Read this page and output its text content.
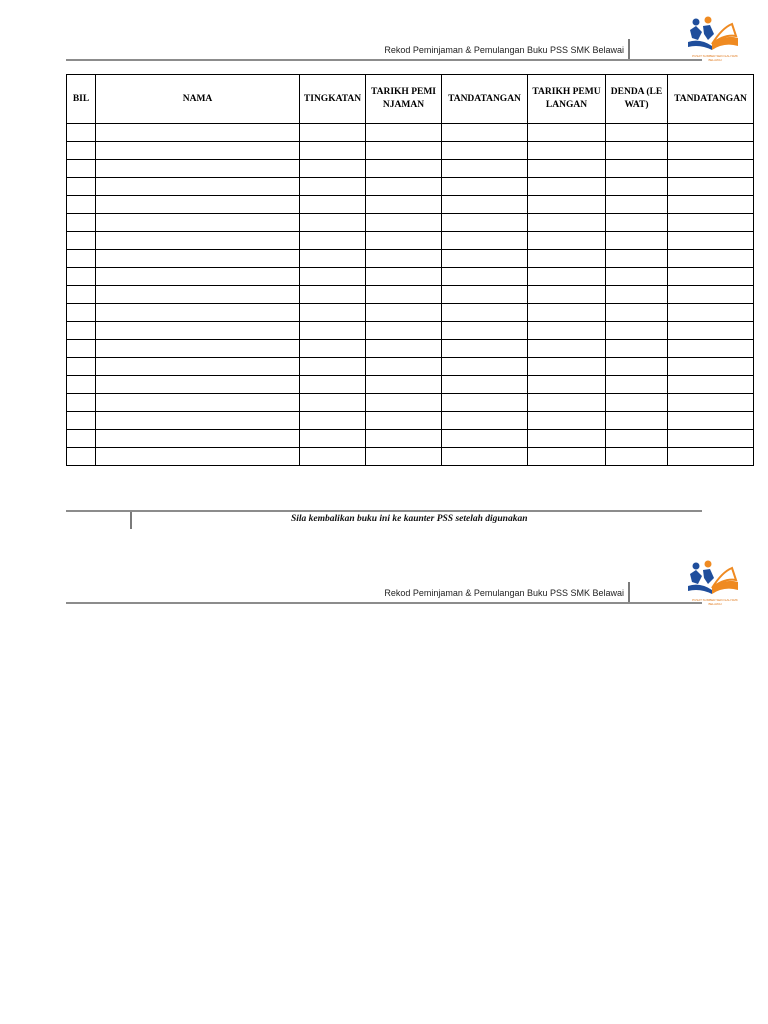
Rekod Peminjaman & Pemulangan Buku PSS SMK Belawai
PUSAT SUMBER SEKOLAH SMK BELAWAI
BIL	NAMA	TINGKATAN	TARIKH PEMINJAMAN	TANDATANGAN	TARIKH PEMULANGAN	DENDA (LEWAT)	TANDATANGAN

Sila kembalikan buku ini ke kaunter PSS setelah digunakan
Rekod Peminjaman & Pemulangan Buku PSS SMK Belawai
PUSAT SUMBER SEKOLAH SMK BELAWAI
